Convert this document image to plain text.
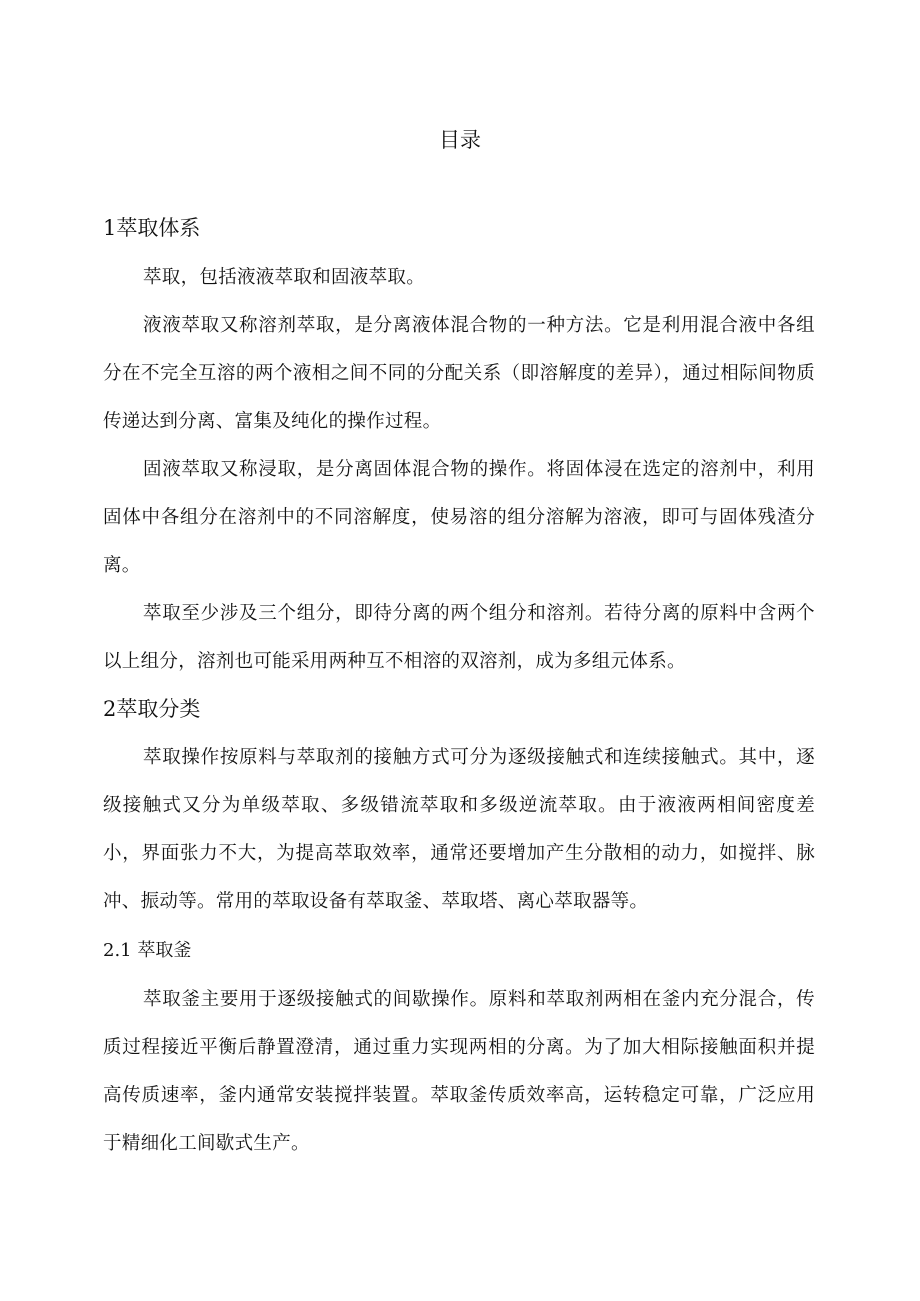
目录
1萃取体系

萃取，包括液液萃取和固液萃取。

液液萃取又称溶剂萃取，是分离液体混合物的一种方法。它是利用混合液中各组分在不完全互溶的两个液相之间不同的分配关系（即溶解度的差异），通过相际间物质传递达到分离、富集及纯化的操作过程。

固液萃取又称浸取，是分离固体混合物的操作。将固体浸在选定的溶剂中，利用固体中各组分在溶剂中的不同溶解度，使易溶的组分溶解为溶液，即可与固体残渣分离。

萃取至少涉及三个组分，即待分离的两个组分和溶剂。若待分离的原料中含两个以上组分，溶剂也可能采用两种互不相溶的双溶剂，成为多组元体系。

2萃取分类

萃取操作按原料与萃取剂的接触方式可分为逐级接触式和连续接触式。其中，逐级接触式又分为单级萃取、多级错流萃取和多级逆流萃取。由于液液两相间密度差小，界面张力不大，为提高萃取效率，通常还要增加产生分散相的动力，如搅拌、脉冲、振动等。常用的萃取设备有萃取釜、萃取塔、离心萃取器等。

2.1 萃取釜

萃取釜主要用于逐级接触式的间歇操作。原料和萃取剂两相在釜内充分混合，传质过程接近平衡后静置澄清，通过重力实现两相的分离。为了加大相际接触面积并提高传质速率，釜内通常安装搅拌装置。萃取釜传质效率高，运转稳定可靠，广泛应用于精细化工间歇式生产。
